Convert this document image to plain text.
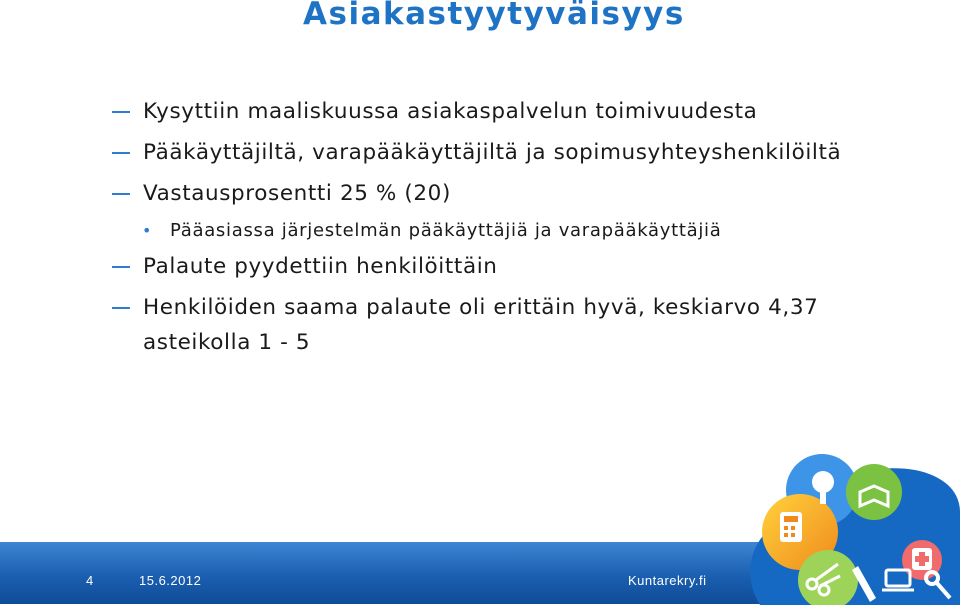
Asiakastyytyväisyys
Kysyttiin maaliskuussa asiakaspalvelun toimivuudesta
Pääkäyttäjiltä, varapääkäyttäjiltä ja sopimusyhteyshenkilöiltä
Vastausprosentti 25 % (20)
• Pääasiassa järjestelmän pääkäyttäjiä ja varapääkäyttäjiä
Palaute pyydettiin henkilöittäin
Henkilöiden saama palaute oli erittäin hyvä, keskiarvo 4,37 asteikolla 1 - 5
4	15.6.2012	Kuntarekry.fi
